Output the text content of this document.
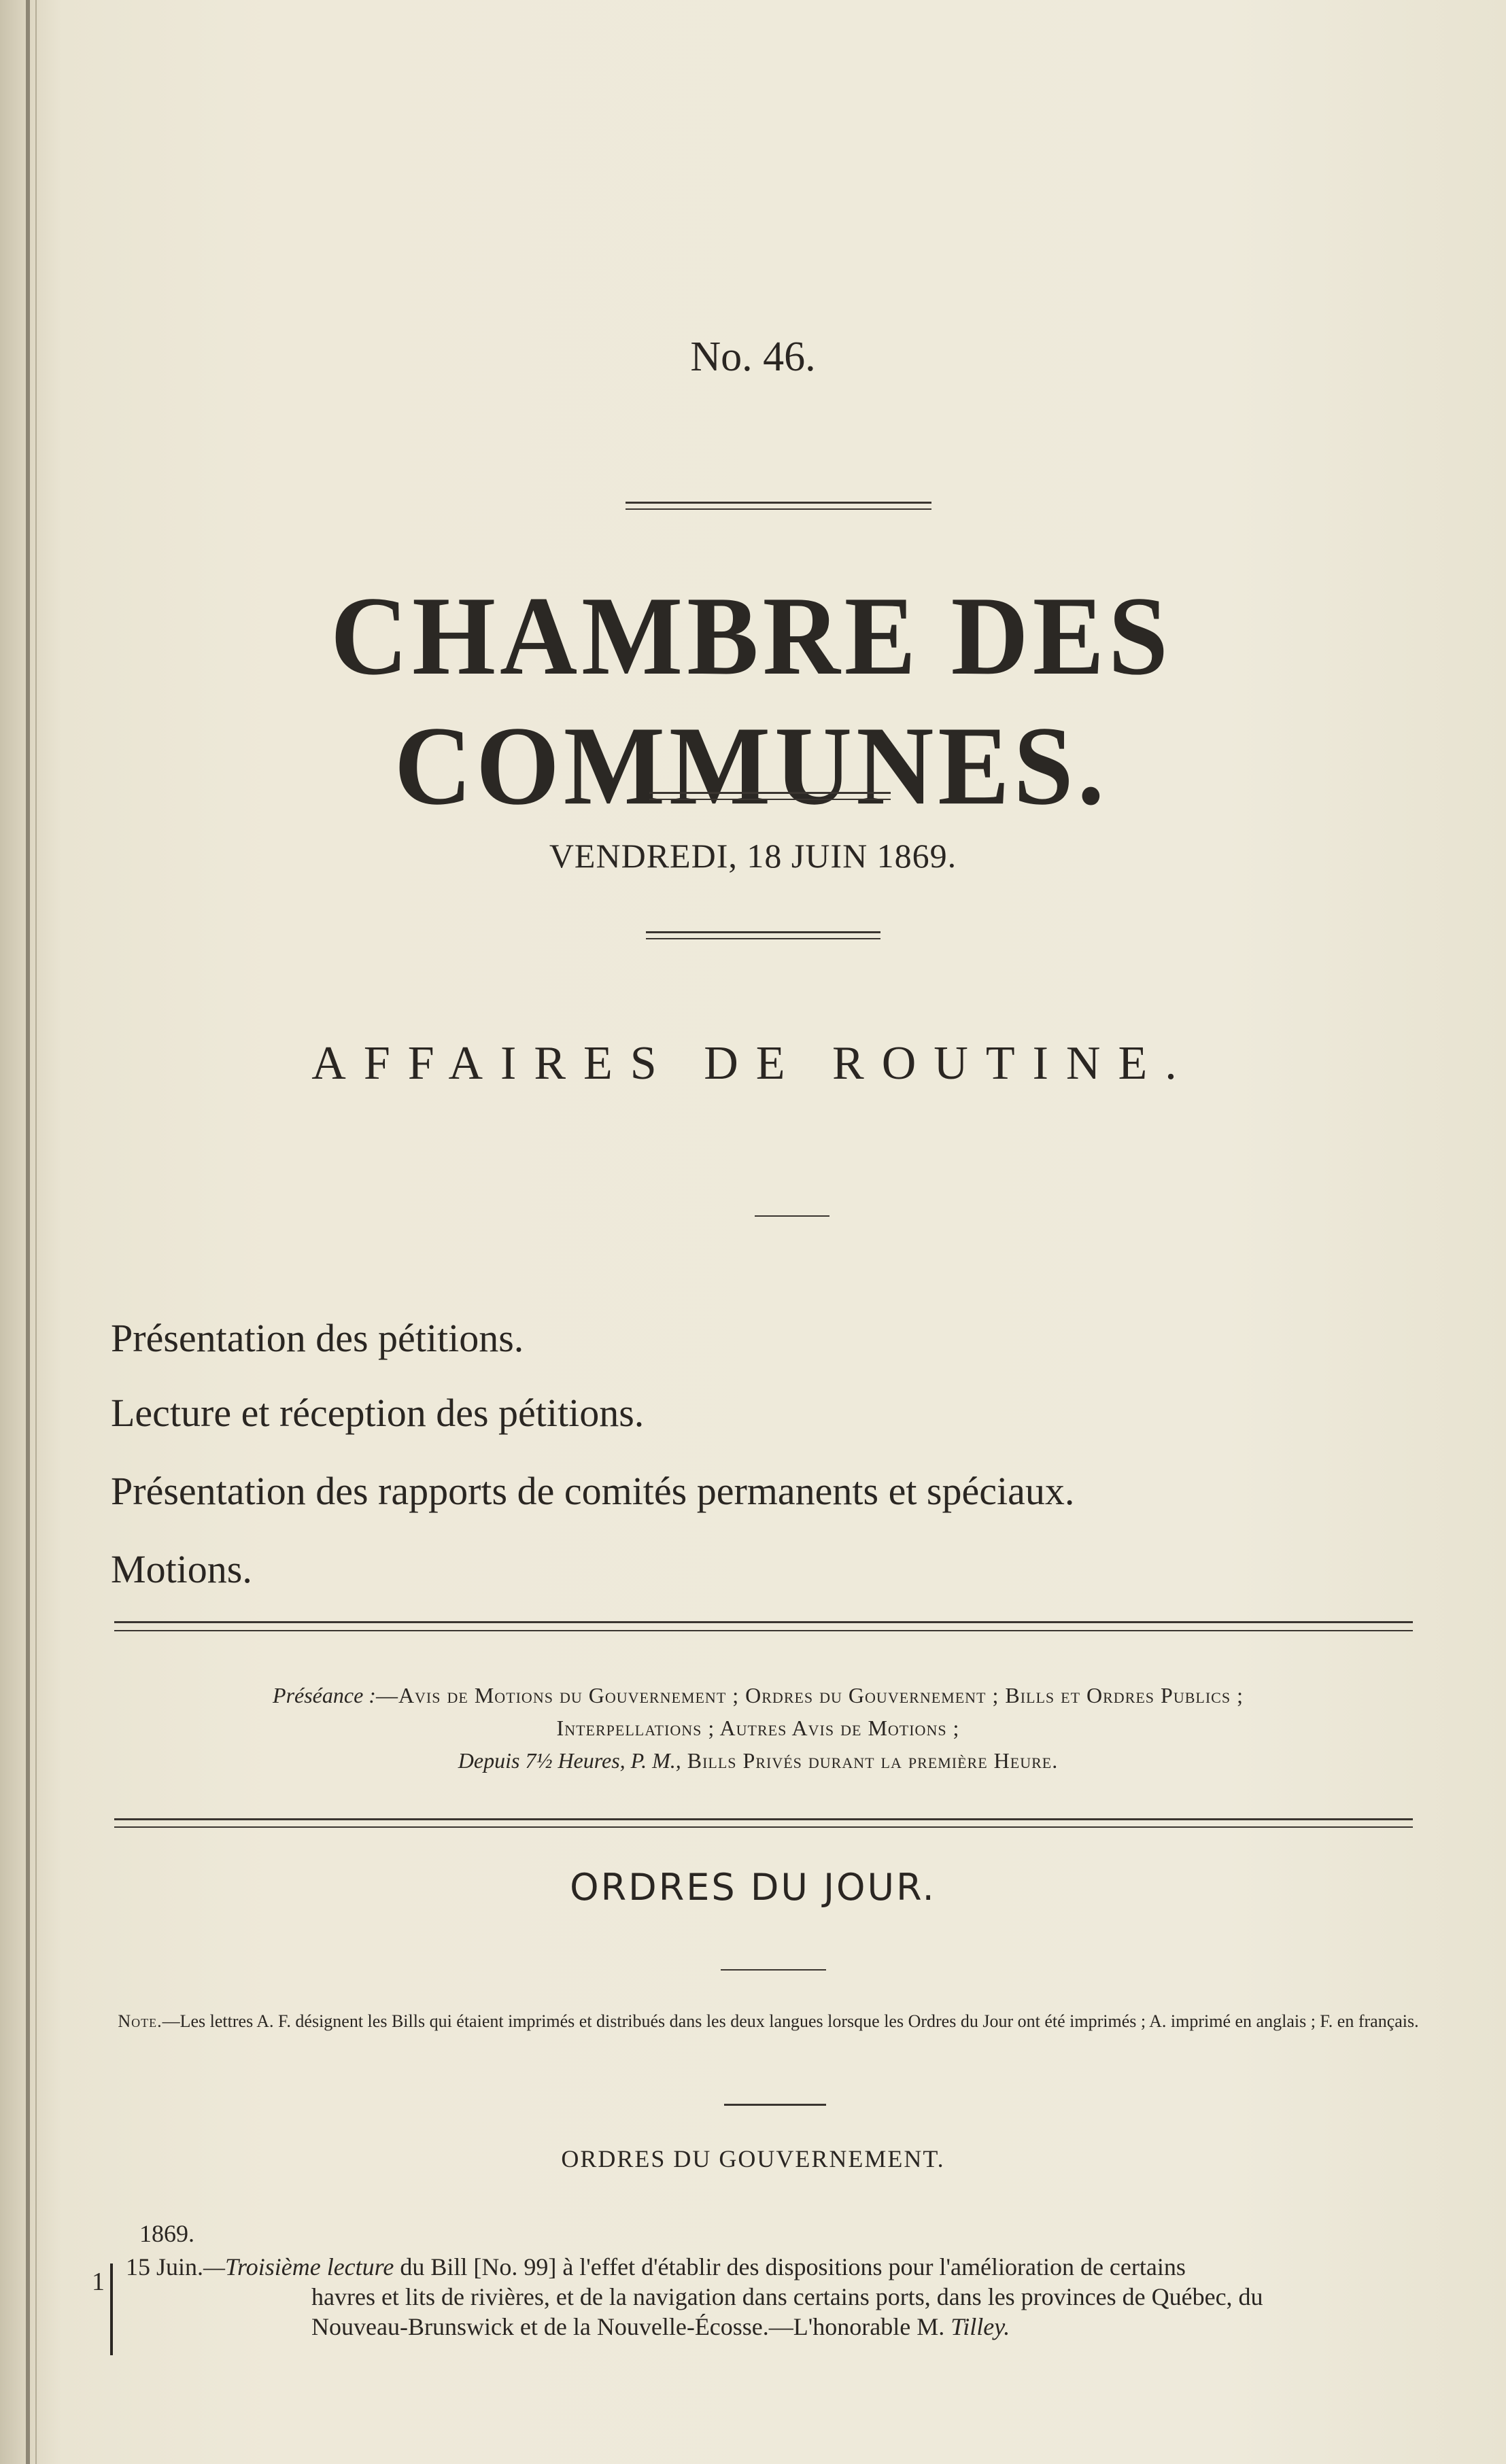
No. 46.
CHAMBRE DES COMMUNES.
VENDREDI, 18 JUIN 1869.
AFFAIRES DE ROUTINE.
Présentation des pétitions.
Lecture et réception des pétitions.
Présentation des rapports de comités permanents et spéciaux.
Motions.
Préséance :—Avis de Motions du Gouvernement ; Ordres du Gouvernement ; Bills et Ordres Publics ;
Interpellations ; Autres Avis de Motions ;
Depuis 7½ Heures, P. M., Bills Privés durant la première Heure.
ORDRES DU JOUR.
Note.—Les lettres A. F. désignent les Bills qui étaient imprimés et distribués dans les deux langues lorsque les Ordres du Jour ont été imprimés ; A. imprimé en anglais ; F. en français.
ORDRES DU GOUVERNEMENT.
1869.
1
15 Juin.—Troisième lecture du Bill [No. 99] à l'effet d'établir des dispositions pour l'amélioration de certains
havres et lits de rivières, et de la navigation dans certains ports, dans les provinces de Québec, du
Nouveau-Brunswick et de la Nouvelle-Écosse.—L'honorable M. Tilley.
